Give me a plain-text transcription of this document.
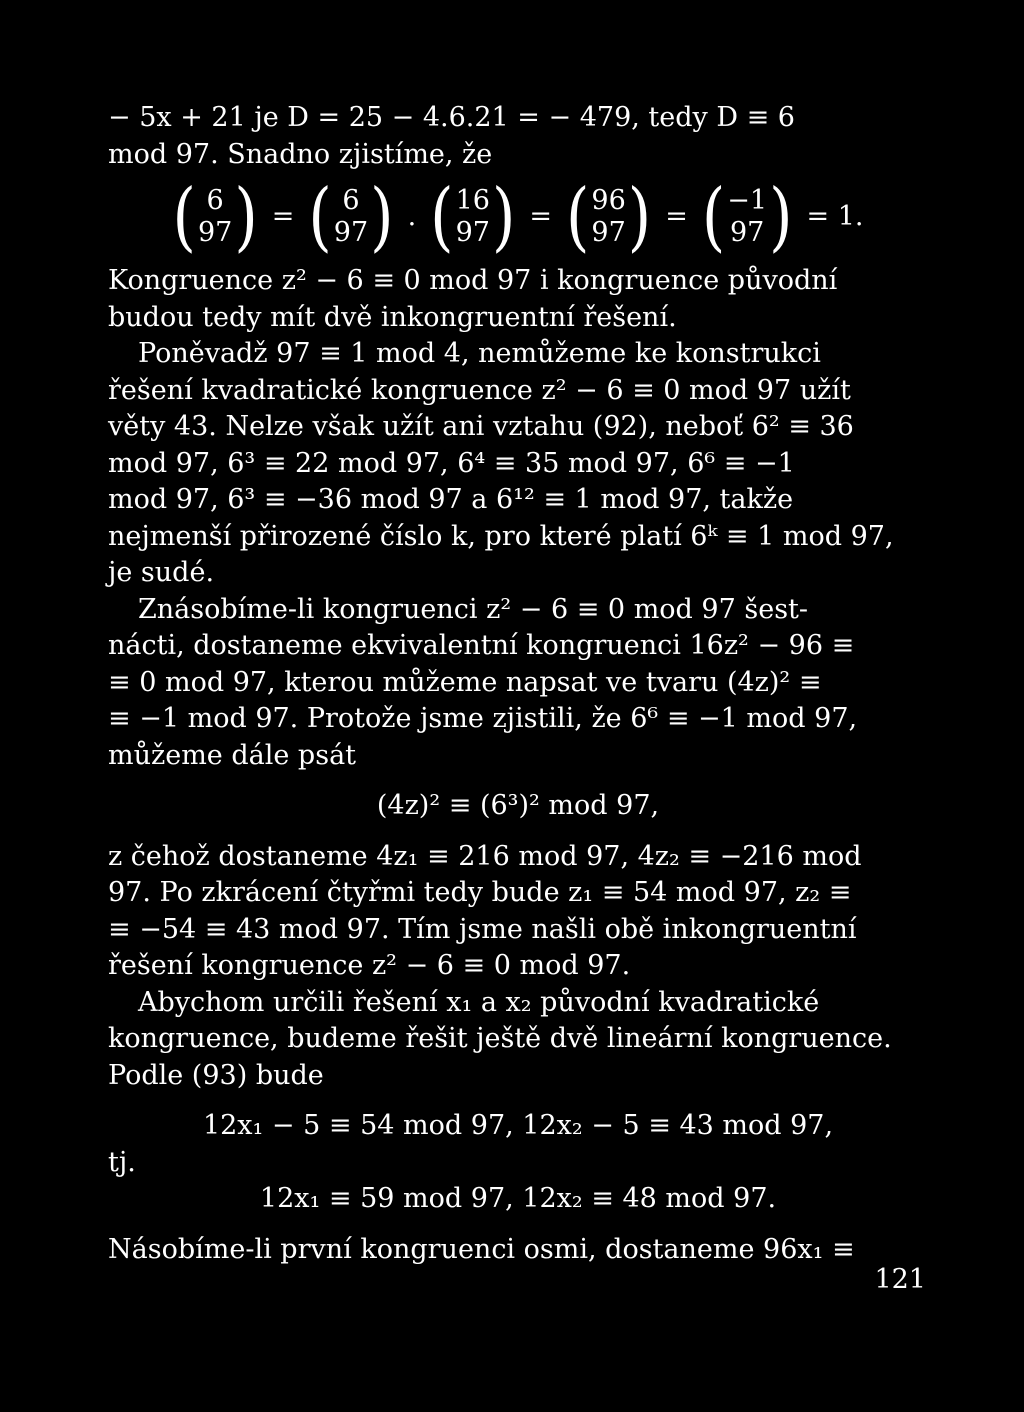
− 5x + 21 je D = 25 − 4.6.21 = − 479, tedy D ≡ 6
mod 97. Snadno zjistíme, že
( 6
97 ) = ( 6
97 ) . ( 16
97 ) = ( 96
97 ) = ( −1
97 ) = 1.
Kongruence z² − 6 ≡ 0 mod 97 i kongruence původní
budou tedy mít dvě inkongruentní řešení.
Poněvadž 97 ≡ 1 mod 4, nemůžeme ke konstrukci
řešení kvadratické kongruence z² − 6 ≡ 0 mod 97 užít
věty 43. Nelze však užít ani vztahu (92), neboť 6² ≡ 36
mod 97, 6³ ≡ 22 mod 97, 6⁴ ≡ 35 mod 97, 6⁶ ≡ −1
mod 97, 6³ ≡ −36 mod 97 a 6¹² ≡ 1 mod 97, takže
nejmenší přirozené číslo k, pro které platí 6ᵏ ≡ 1 mod 97,
je sudé.
Znásobíme-li kongruenci z² − 6 ≡ 0 mod 97 šest-
nácti, dostaneme ekvivalentní kongruenci 16z² − 96 ≡
≡ 0 mod 97, kterou můžeme napsat ve tvaru (4z)² ≡
≡ −1 mod 97. Protože jsme zjistili, že 6⁶ ≡ −1 mod 97,
můžeme dále psát
(4z)² ≡ (6³)² mod 97,
z čehož dostaneme 4z₁ ≡ 216 mod 97, 4z₂ ≡ −216 mod
97. Po zkrácení čtyřmi tedy bude z₁ ≡ 54 mod 97, z₂ ≡
≡ −54 ≡ 43 mod 97. Tím jsme našli obě inkongruentní
řešení kongruence z² − 6 ≡ 0 mod 97.
Abychom určili řešení x₁ a x₂ původní kvadratické
kongruence, budeme řešit ještě dvě lineární kongruence.
Podle (93) bude
12x₁ − 5 ≡ 54 mod 97, 12x₂ − 5 ≡ 43 mod 97,
tj.
12x₁ ≡ 59 mod 97, 12x₂ ≡ 48 mod 97.
Násobíme-li první kongruenci osmi, dostaneme 96x₁ ≡
121
